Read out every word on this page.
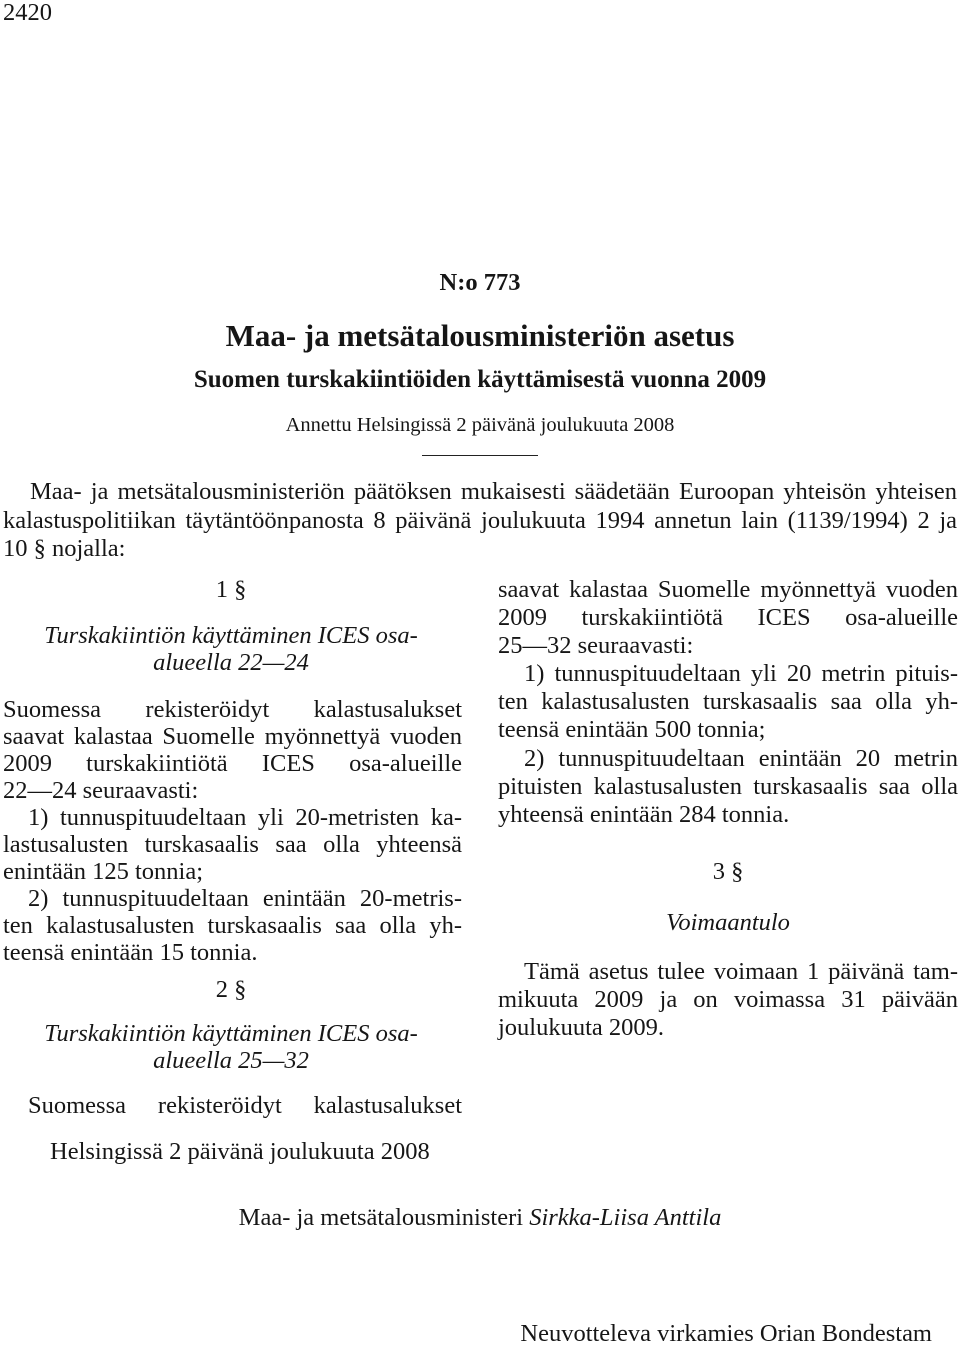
2420
N:o 773
Maa- ja metsätalousministeriön asetus
Suomen turskakiintiöiden käyttämisestä vuonna 2009
Annettu Helsingissä 2 päivänä joulukuuta 2008
Maa- ja metsätalousministeriön päätöksen mukaisesti säädetään Euroopan yhteisön yhteisen
kalastuspolitiikan täytäntöönpanosta 8 päivänä joulukuuta 1994 annetun lain (1139/1994) 2 ja
10 § nojalla:
1 §
Turskakiintiön käyttäminen ICES osa-
alueella 22—24
Suomessa rekisteröidyt kalastusalukset
saavat kalastaa Suomelle myönnettyä vuoden
2009 turskakiintiötä ICES osa-alueille
22—24 seuraavasti:
1) tunnuspituudeltaan yli 20-metristen ka-
lastusalusten turskasaalis saa olla yhteensä
enintään 125 tonnia;
2) tunnuspituudeltaan enintään 20-metris-
ten kalastusalusten turskasaalis saa olla yh-
teensä enintään 15 tonnia.
2 §
Turskakiintiön käyttäminen ICES osa-
alueella 25—32
Suomessa rekisteröidyt kalastusalukset
saavat kalastaa Suomelle myönnettyä vuoden
2009 turskakiintiötä ICES osa-alueille
25—32 seuraavasti:
1) tunnuspituudeltaan yli 20 metrin pituis-
ten kalastusalusten turskasaalis saa olla yh-
teensä enintään 500 tonnia;
2) tunnuspituudeltaan enintään 20 metrin
pituisten kalastusalusten turskasaalis saa olla
yhteensä enintään 284 tonnia.
3 §
Voimaantulo
Tämä asetus tulee voimaan 1 päivänä tam-
mikuuta 2009 ja on voimassa 31 päivään
joulukuuta 2009.
Helsingissä 2 päivänä joulukuuta 2008
Maa- ja metsätalousministeri Sirkka-Liisa Anttila
Neuvotteleva virkamies Orian Bondestam
